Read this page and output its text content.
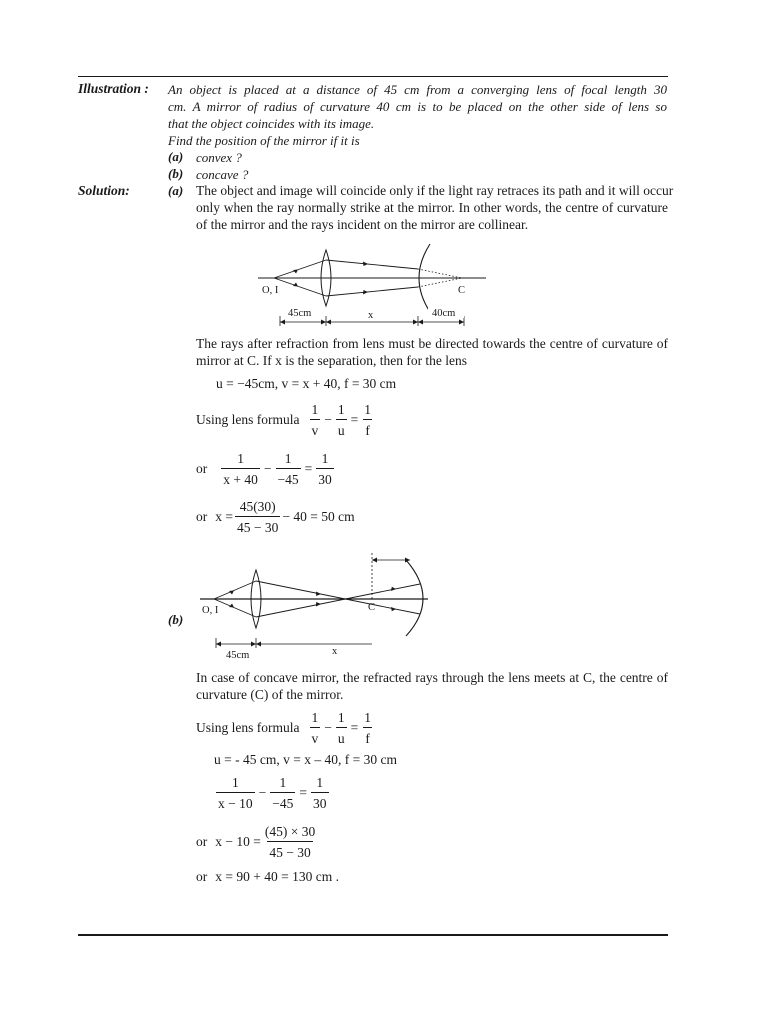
Illustration : An object is placed at a distance of 45 cm from a converging lens of focal length 30
cm. A mirror of radius of curvature 40 cm is to be placed on the other side of lens so
that the object coincides with its image.
Find the position of the mirror if it is
(a) convex ?
(b) concave ?
Solution:	(a) The object and image will coincide only if the light ray retraces its path and it will occur
only when the ray normally strike at the mirror. In other words, the centre of curvature
of the mirror and the rays incident on the mirror are collinear.
O, I	C
45cm	x	40cm
The rays after refraction from lens must be directed towards the centre of curvature of
mirror at C. If x is the separation, then for the lens
u = −45cm, v = x + 40, f = 30 cm
Using lens formula $\frac{1}{v} - \frac{1}{u} = \frac{1}{f}$
or $\frac{1}{x + 40} - \frac{1}{-45} = \frac{1}{30}$
or $x = \frac{45(30)}{45 - 30} - 40 = 50$ cm
(b)
O, I	C
45cm	x
In case of concave mirror, the refracted rays through the lens meets at C, the centre of
curvature (C) of the mirror.
Using lens formula $\frac{1}{v} - \frac{1}{u} = \frac{1}{f}$
u = - 45 cm, v = x – 40, f = 30 cm
$\frac{1}{x - 10} - \frac{1}{-45} = \frac{1}{30}$
or $x - 10 = \frac{(45) \times 30}{45 - 30}$
or x = 90 + 40 = 130 cm .
